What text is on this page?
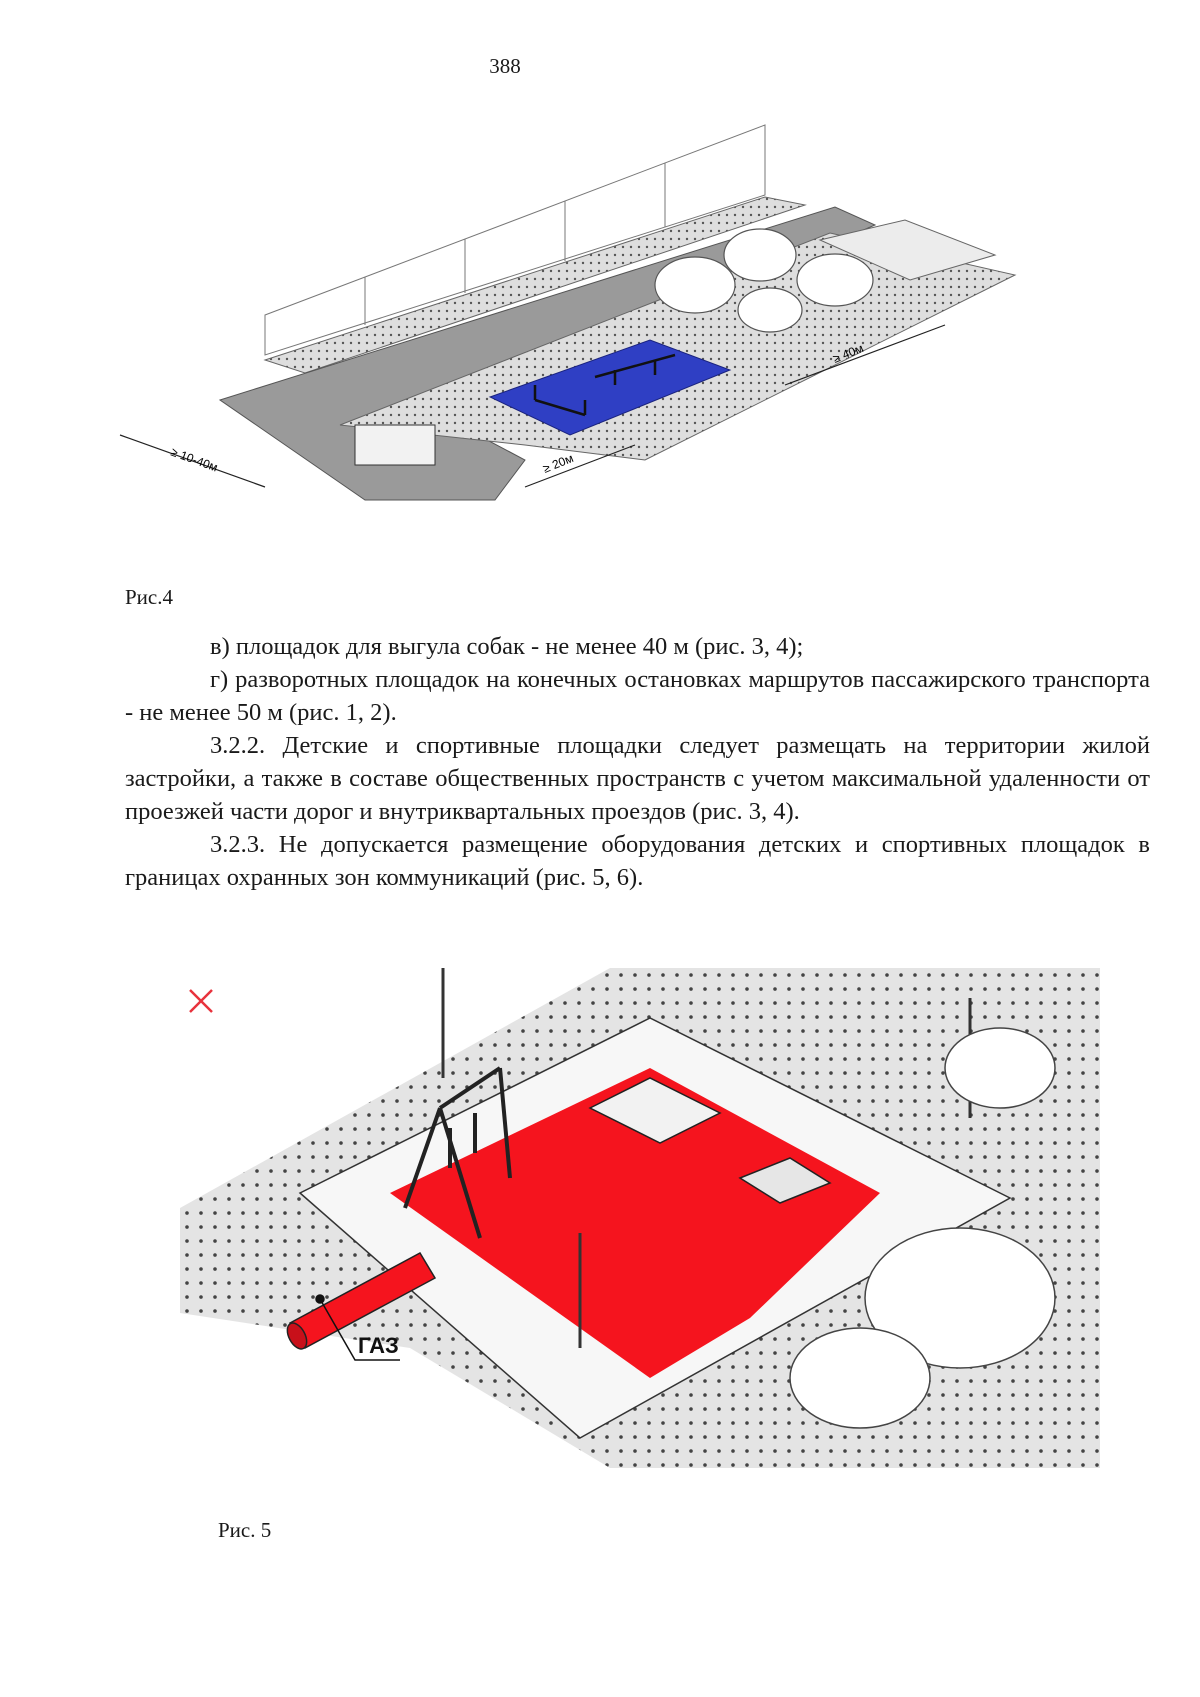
388
≥ 10-40м	≥ 20м
≥ 40м
Рис.4

в) площадок для выгула собак - не менее 40 м (рис. 3, 4);

г) разворотных площадок на конечных остановках маршрутов пассажирского транспорта - не менее 50 м (рис. 1, 2).

3.2.2. Детские и спортивные площадки следует размещать на территории жилой застройки, а также в составе общественных пространств с учетом максимальной удаленности от проезжей части дорог и внутриквартальных проездов (рис. 3, 4).

3.2.3. Не допускается размещение оборудования детских и спортивных площадок в границах охранных зон коммуникаций (рис. 5, 6).

ГАЗ
Рис. 5
